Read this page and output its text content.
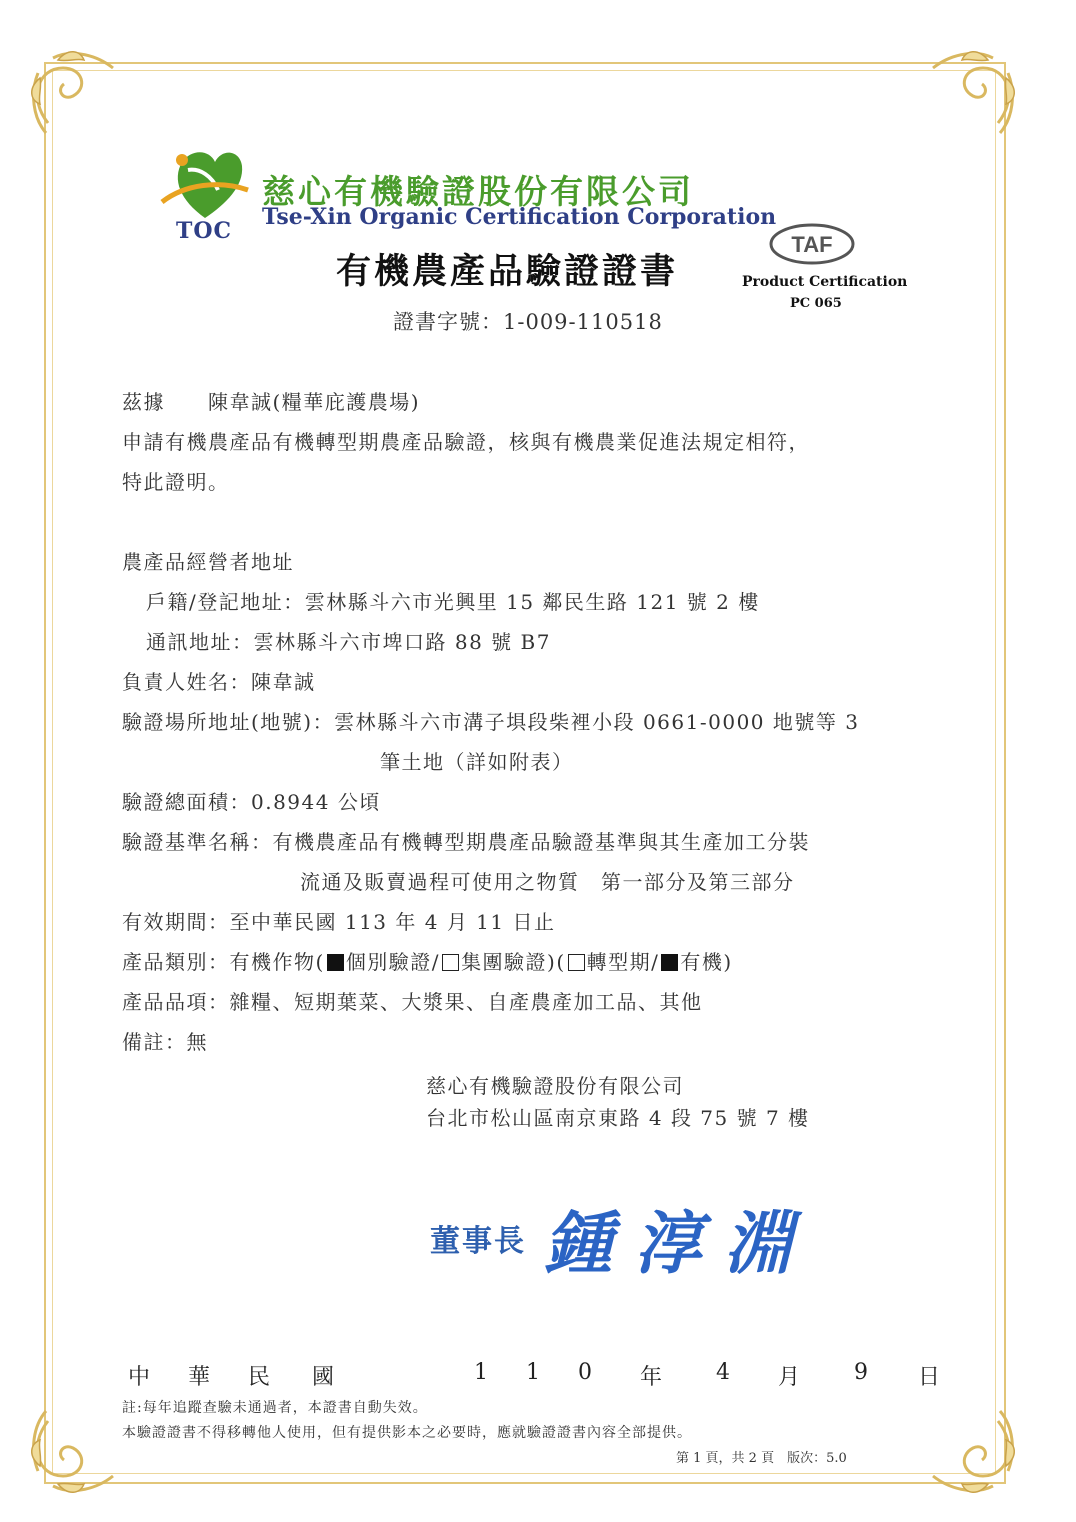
TOC
慈心有機驗證股份有限公司
Tse-Xin Organic Certification Corporation
有機農產品驗證證書
TAF
Product Certification
PC 065
證書字號：1-009-110518
茲據　　陳韋誠(糧華庇護農場)
申請有機農產品有機轉型期農產品驗證，核與有機農業促進法規定相符，
特此證明。
農產品經營者地址
戶籍/登記地址：雲林縣斗六市光興里 15 鄰民生路 121 號 2 樓
通訊地址：雲林縣斗六市埤口路 88 號 B7
負責人姓名：陳韋誠
驗證場所地址(地號)：雲林縣斗六市溝子埧段柴裡小段 0661-0000 地號等 3
筆土地（詳如附表）
驗證總面積：0.8944 公頃
驗證基準名稱：有機農產品有機轉型期農產品驗證基準與其生產加工分裝
流通及販賣過程可使用之物質　第一部分及第三部分
有效期間：至中華民國 113 年 4 月 11 日止
產品類別：有機作物( 個別驗證/ 集團驗證)( 轉型期/ 有機)
產品品項：雜糧、短期葉菜、大漿果、自產農產加工品、其他
備註：無
慈心有機驗證股份有限公司
台北市松山區南京東路 4 段 75 號 7 樓
董事長 鍾淳淵
中 華 民 國	1 1 0 年 4 月 9 日
註:每年追蹤查驗未通過者，本證書自動失效。
本驗證證書不得移轉他人使用，但有提供影本之必要時，應就驗證證書內容全部提供。
第 1 頁，共 2 頁　版次：5.0
